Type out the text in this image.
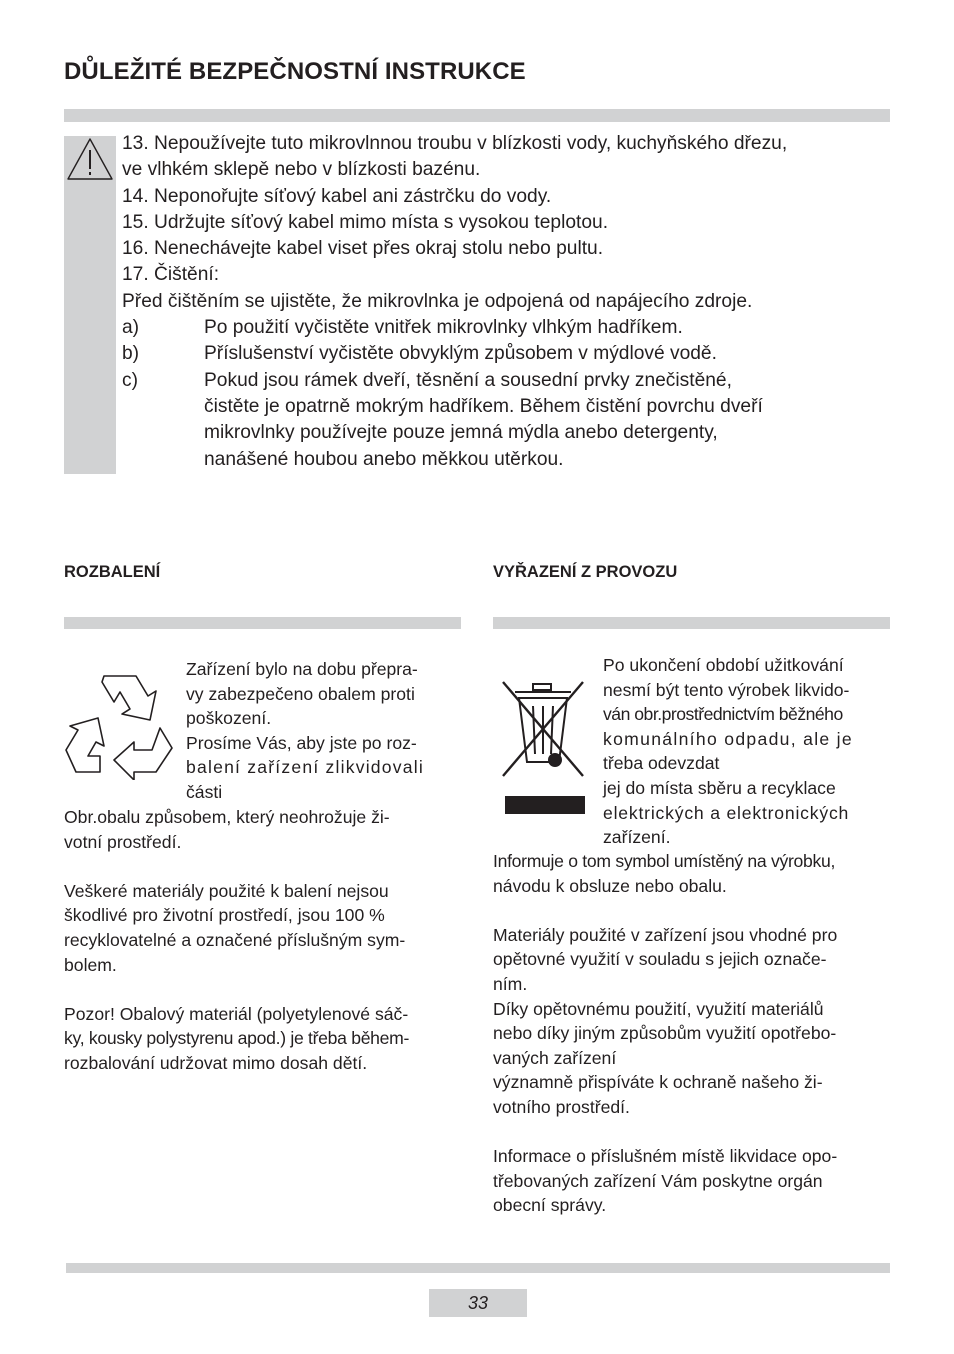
DŮLEŽITÉ BEZPEČNOSTNÍ INSTRUKCE
13. Nepoužívejte tuto mikrovlnnou troubu v blízkosti vody, kuchyňského dřezu,
ve vlhkém sklepě nebo v blízkosti bazénu.
14. Neponořujte síťový kabel ani zástrčku do vody.
15. Udržujte síťový kabel mimo místa s vysokou teplotou.
16. Nenechávejte kabel viset přes okraj stolu nebo pultu.
17. Čištění:
Před čištěním se ujistěte, že mikrovlnka je odpojená od napájecího zdroje.
a)	Po použití vyčistěte vnitřek mikrovlnky vlhkým hadříkem.
b)	Příslušenství vyčistěte obvyklým způsobem v mýdlové vodě.
c)	Pokud jsou rámek dveří, těsnění a sousední prvky znečistěné,
čistěte je opatrně mokrým hadříkem. Během čistění povrchu dveří
mikrovlnky používejte pouze jemná mýdla anebo detergenty,
nanášené houbou anebo měkkou utěrkou.
ROZBALENÍ

Zařízení bylo na dobu přepra-

vy zabezpečeno obalem proti

poškození.

Prosíme Vás, aby jste po roz-

balení zařízení zlikvidovali

části

Obr.obalu způsobem, který neohrožuje ži-

votní prostředí.

Veškeré materiály použité k balení nejsou

škodlivé pro životní prostředí, jsou 100 %

recyklovatelné a označené příslušným sym-

bolem.

Pozor! Obalový materiál (polyetylenové sáč-

ky, kousky polystyrenu apod.) je třeba během-

rozbalování udržovat mimo dosah dětí.

VYŘAZENÍ Z PROVOZU

Po ukončení období užitkování

nesmí být tento výrobek likvido-

ván obr.prostřednictvím běžného

komunálního odpadu, ale je

třeba odevzdat

jej do místa sběru a recyklace

elektrických a elektronických

zařízení.

Informuje o tom symbol umístěný na výrobku,

návodu k obsluze nebo obalu.

Materiály použité v zařízení jsou vhodné pro

opětovné využití v souladu s jejich označe-

ním.

Díky opětovnému použití, využití materiálů

nebo díky jiným způsobům využití opotřebo-

vaných zařízení

významně přispíváte k ochraně našeho ži-

votního prostředí.

Informace o příslušném místě likvidace opo-

třebovaných zařízení Vám poskytne orgán

obecní správy.

33
